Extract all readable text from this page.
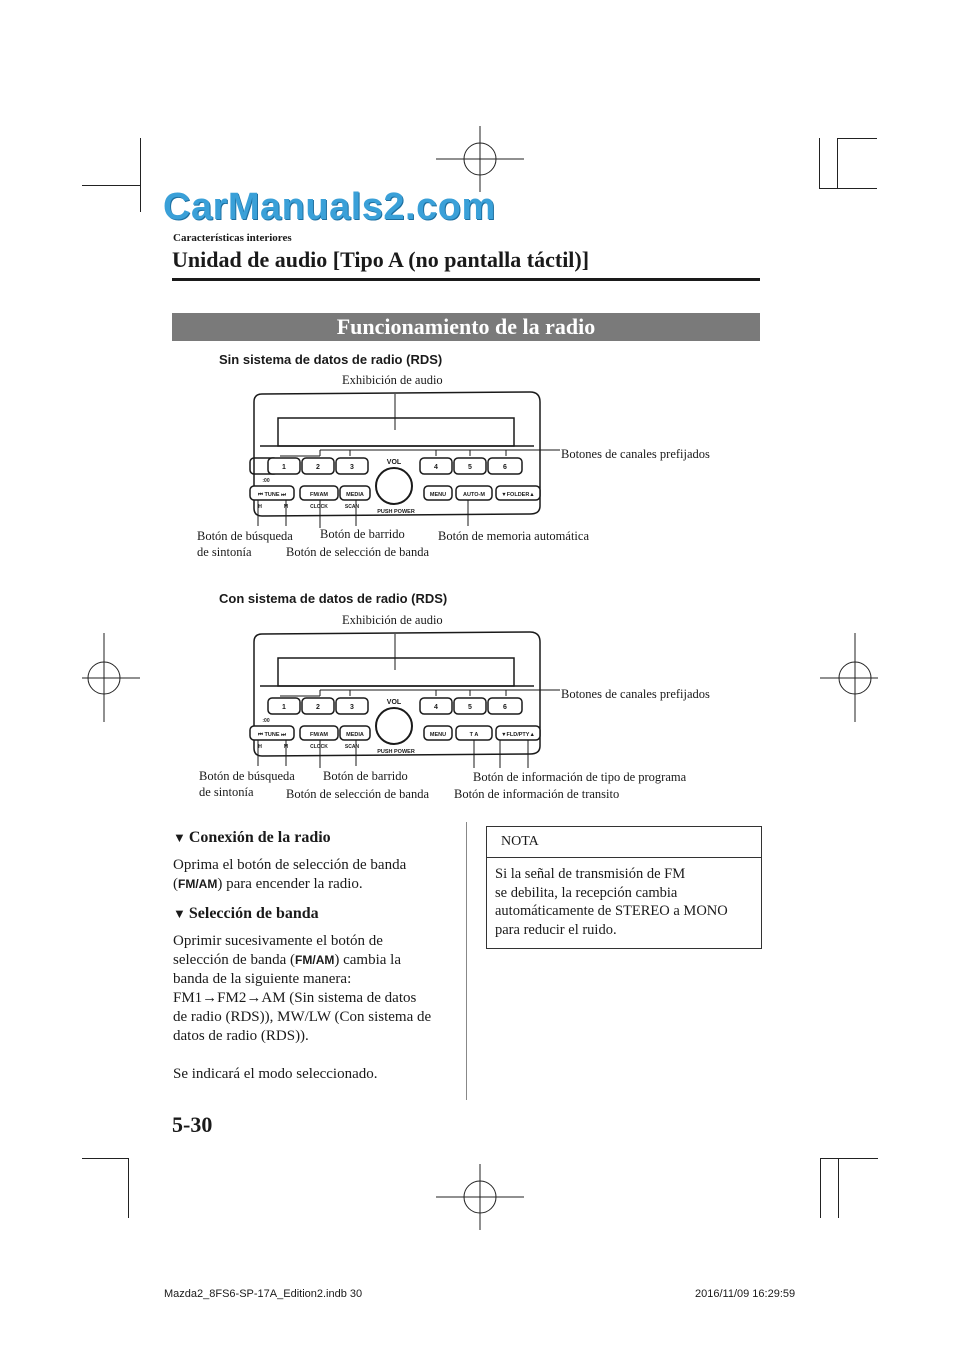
CarManuals2.com
Características interiores
Unidad de audio [Tipo A (no pantalla táctil)]
Funcionamiento de la radio
Sin sistema de datos de radio (RDS)
Exhibición de audio
Botones de canales prefijados
Botón de búsqueda
de sintonía
Botón de barrido
Botón de selección de banda
Botón de memoria automática
1	2	3	4	5	6
VOL
:00
⏮ TUNE ⏭	FM/AM	MEDIA	MENU	AUTO-M	▼FOLDER▲
H	M	CLOCK	SCAN
PUSH POWER
Con sistema de datos de radio (RDS)
Exhibición de audio
Botones de canales prefijados
Botón de búsqueda
de sintonía
Botón de barrido
Botón de selección de banda
Botón de información de tipo de programa
Botón de información de transito
1	2	3	4	5	6
VOL
:00
⏮ TUNE ⏭	FM/AM	MEDIA	MENU	T A	▼FLD/PTY▲
H	M	CLOCK	SCAN
PUSH POWER
▼ Conexión de la radio
Oprima el botón de selección de banda
(FM/AM) para encender la radio.
▼ Selección de banda
Oprimir sucesivamente el botón de
selección de banda (FM/AM) cambia la
banda de la siguiente manera:
FM1→FM2→AM (Sin sistema de datos
de radio (RDS)), MW/LW (Con sistema de
datos de radio (RDS)).
Se indicará el modo seleccionado.
NOTA
Si la señal de transmisión de FM
se debilita, la recepción cambia
automáticamente de STEREO a MONO
para reducir el ruido.
5-30
Mazda2_8FS6-SP-17A_Edition2.indb 30	2016/11/09 16:29:59
